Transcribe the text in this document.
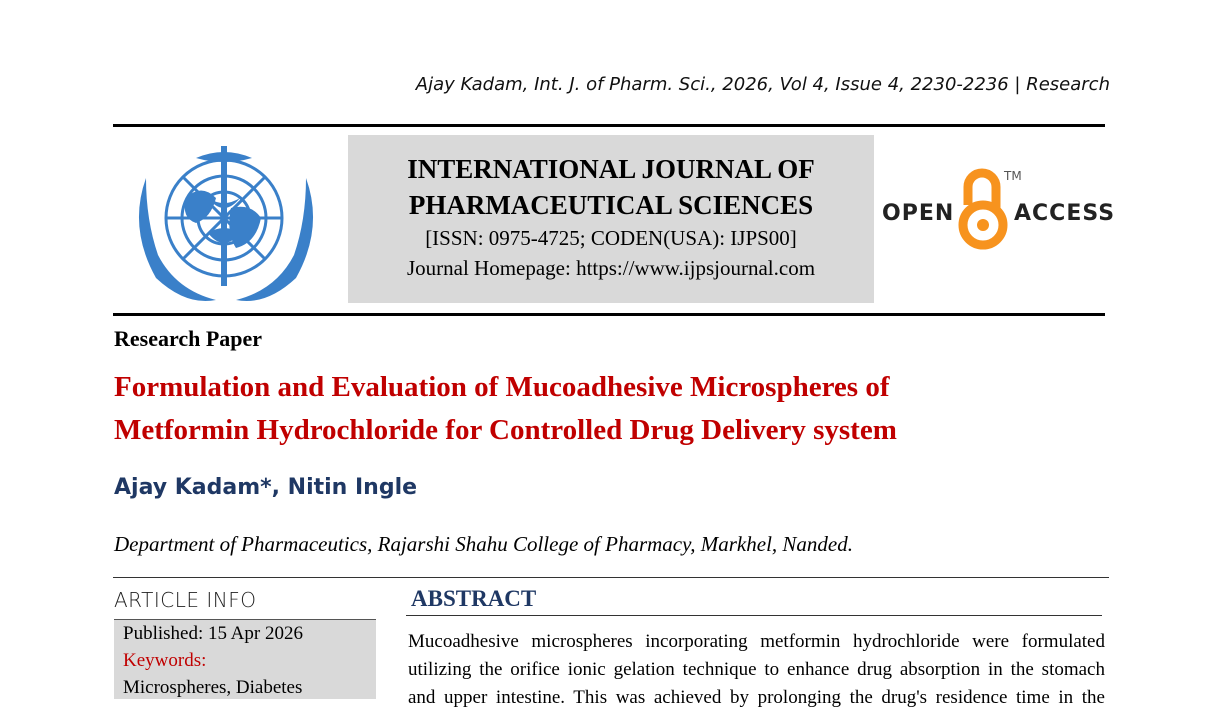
Ajay Kadam, Int. J. of Pharm. Sci., 2026, Vol 4, Issue 4, 2230-2236 | Research
INTERNATIONAL JOURNAL OF
PHARMACEUTICAL SCIENCES
[ISSN: 0975-4725; CODEN(USA): IJPS00]
Journal Homepage: https://www.ijpsjournal.com
OPEN
TM
ACCESS
Research Paper
Formulation and Evaluation of Mucoadhesive Microspheres of
Metformin Hydrochloride for Controlled Drug Delivery system
Ajay Kadam*, Nitin Ingle
Department of Pharmaceutics, Rajarshi Shahu College of Pharmacy, Markhel, Nanded.
ARTICLE INFO
Published: 15 Apr 2026
Keywords:
Microspheres, Diabetes
ABSTRACT
Mucoadhesive microspheres incorporating metformin hydrochloride were formulated
utilizing the orifice ionic gelation technique to enhance drug absorption in the stomach
and upper intestine. This was achieved by prolonging the drug's residence time in the
